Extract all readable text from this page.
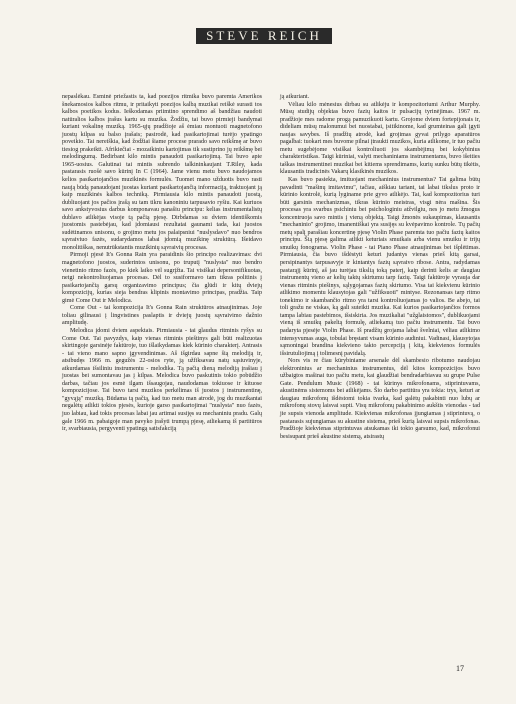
STEVE REICH

nepaslėkau. Esminė priežastis ta, kad poezijos ritmika buvo paremta Amerikos šnekamosios kalbos ritmu, ir pritaikyti poezijos kalbą muzikai reiškė surasti tos kalbos poetikos kodus. Ieškodamas priimtino sprendimo aš bandžiau naudoti natūralios kalbos įrašus kartu su muzika. Žodžiu, tai buvo pirmieji bandymai kuriant vokalinę muziką. 1965-ųjų pradžioje aš ėmiau montuoti magnetofono juostų kilpas su balso įrašais; pasirodė, kad pasikartojimai turėjo ypatingo poveikio. Tai nereiškia, kad žodžiai šiame procese prarado savo reikšmę ar buvo tiesiog prakeikti. Afrikiečiai - mozaikiniu kartojimas tik sustiprino jų reikšmę bei melodingumą. Bedirbant kilo mintis panaudoti pasikartojimą. Tai buvo apie 1965-uosius. Galutinai tai mintis subrendo talkininkaujant T.Riley, kada pastarasis ruošė savo kūrinį In C (1964). Jame vienu metu buvo naudojamos kelios pasikartojančios muzikinės formulės. Tuomet mano užduotis buvo rasti naują būdą panaudojant juostas kuriant pasikartojančią informaciją, traktuojant ją kaip muzikinės kalbos techniką. Pirmiausia kilo mintis panaudoti juostą, dubliuojant jos pačios įrašą su tam tikru kanoniniu tarpusavio ryšiu. Kai kuriuos savo ankstyvosius darbus komponavau panašiu principu: kelias instrumentalistų dublavo atlikėjas visoje tą pačią pjesę. Dirbdamas su dviem identiškomis juostomis pastebėjau, kad įdomiausi rezultatai gaunami tada, kai juostos sudėtinamos unisonu, o grojimo metu jos palaipsniui "nuslysdavo" nuo bendros sąvraiviuo fazės, sudarydamos labai įdomią muzikinę struktūrą. Išeidavo monolitiškas, nenutrūkstantis muzikinių sąvraivių procesas.

Pirmoji pjesė It's Gonna Rain yra paraidinis šio principo realizavimas: dvi magnetofono juostos, suderintos unisonu, po truputį "nuslysta" nuo bendro vienetinio ritmo fazės, po kiek laiko vėl sugrįžta. Tai visiškai depersonifikuotas, netgi nekontroliuojamas procesas. Dėl to susiformavo tam tikras politinis į pasikartojančią garsų organizavimo principus; čia glūdi ir kitų dviejų kompozicijų, kurias sieja bendras klipinis montavimo principas, pradžia. Taip gimė Come Out ir Melodica.

Come Out - tai kompozicija It's Gonna Rain struktūros atnaujinimas. Joje toliau gilinausi į lingvistines paslaptis ir dviejų juostų sąvraivimo dažnio amplitudę.

Melodica įdomi dviem aspektais. Pirmiausia - tai glaudus ritminis ryšys su Come Out. Tai pavyzdys, kaip vienas ritminis pieštinys gali būti realizuotas skirtingoje garsinėje faktūroje, tuo išlaikydamas kiek kūrinio charakterį. Antrasis - tai vieno mano sapno įgyvendinimas. Aš išgirdau sapne šią melodiją ir, atsibudęs 1966 m. gegužės 22-osios ryte, ją užfiksavau natų sąsiuvinyje, atkurdamas išsiliniu instrumentu - melodika. Tą pačią dieną melodiją įrašiau į juostas bei sumontavau jas į kilpas. Melodica buvo paskutinis tokio pobūdžio darbas, tačiau jos esmė ilgam išsaugojau, naudodamas tokiuose ir kituose kompozicijose. Tai buvo tarsi muzikos perkėlimas iš juostos į instrumentinę, "gyvąją" muziką. Būdama tą pačią, kad tuo metu man atrodė, jog du muzikantai negalėtų atlikti tokios pjesės, kurioje garso pasikartojimai "nuslysta" nuo fazės, juo labiau, kad tokis procesas labai jau artimai susijęs su mechaniniu pradu. Galų gale 1966 m. pabaigoje man pavyko įrašyti trumpą pjesę, atliekamą iš partitūros ir, svarbiausia, pergyventi ypatingą satisfakciją

ją atkuriant.

Vėliau kilo mėnesius dirbau su atlikėju ir kompozitoriumi Arthur Murphy. Mūsų studijų objektas buvo fazių kaitos ir pulsacijų tyrinėjimas. 1967 m. pradžioje mes radome progą pamuzikuoti kartu. Grojome dviem fortepijonais ir, dideliam mūsų malonumui bei nuostabai, įsitikinome, kad grumteinas gali įgyti naujas savybes. Iš pradžių atrodė, kad grojimas gyvai prilygo aparatūros pagalbai: tuokart mes buvome pilnai įtraukti muzikos, kuria atlikome, ir tuo pačiu metu sugebėjome visiškai kontroliuoti jos skambėjimą bei kokybinius charakteristikas. Taigi kūriniai, valyti mechaniniams instrumentams, buvo išeities taškas instrumentinei muzikai bei kitiems sprendimams, kurių sunku būtų tikėtis, klausantis tradicinės Vakarų klasikinės muzikos.

Kas buvo pasiekta, imituojant mechaninius instrumentus? Tai galima būtų pavadinti "mašinų imitavimu", tačiau, aiškiau tariant, tai labai tikslus proto ir kūrinio kontrolė, kurią lyginame prie gyvo atlikėjo. Tai, kad kompozitorius turi būti garsinis mechanizmas, tikras kūrinio meistras, visgi nėra mašina. Šis procesas yra svarbus psichiniu bei psichologiniu atžvilgiu, nes jo metu žmogus koncentruoja savo mintis į vieną objektą. Taigi žmonės sukaupimas, klausantis "mechaninio" grojimo, imanentiškai yra susijęs su kvėpavimo kontrole. Tų pačių metų spalį parašiau koncertinę pjesę Violin Phase paremta tuo pačiu fazių kaitos principu. Šią pjesę galima atlikti keturiais smuikais arba vienu smuiku ir trijų smuikų fonograma. Violin Phase - tai Piano Phase atnaujinimas bei išplėtimas. Pirmiausia, čia buvo išdėstyti keturi judantys vienas prieš kitą garsai, persipinantys tarpusavyje ir kintantys fazių sąvraivo ribose. Antra, radydamas pastarąjį kūrinį, aš jau turėjau tikslią toką paterį, kaip derinti kelis ar daugiau instrumentų vieno ar kelių taktų skirtumu tarp fazių. Taigi faktūroje vyrauja dar vienas ritminis piešinys, sąlygojamas fazių skirtumo. Visa tai kiekvienu kūrinio atlikimo momentu klausytojas gali "užfiksuoti" mintyse. Rezonansas tarp ritmo tonekimo ir skambančio ritmo yra tarsi kontroliuojamas jo valios. Be abejo, tai toli gražu ne viskas, ką gali suteikti muzika. Kai kurios pasikartojančios formos tampa labiau pastebimos, išsiskiria. Jos muzikaliai "užglaistomos", dublikuojami vieną iš smuikų pakeltą formulę, atliekamą tuo pačiu instrumentu. Tai buvo padaryta pjesėje Violin Phase. Iš pradžių grojama labai švelniai, vėliau atlikimo intensyvumas auga, tobulai bręstant visam kūrinio audiniui. Vadinasi, klausytojas sąmoningai brandina kiekvieno takto percepciją į kitą, kiekvienos formulės išsirutuliojimą į tolimesnį pavidalą.

Nors vis re čiau kūrybiniame arsenale dėl skambesio ribotumo naudojau elektroninius ar mechaninius instrumentus, dėl kitos kompozicijos buvo užbaigtos mašinai tuo pačiu metu, kai glaudžiai bendradarbiavau su grupe Pulse Gate. Pendulum Music (1968) - tai kūrinys mikrofonams, stiprintuvams, akustinėms sistemoms bei atlikėjams. Šio darbo partitūra yra tokia: trys, keturi ar daugiau mikrofonų išdėstomi tokia tvarka, kad galėtų pakabinti nuo lubų ar mikrofonų stovų laisvai supti. Visų mikrofonų pakabinimo aukštis vienodas - tad jie supsis vienoda amplitude. Kiekvienas mikrofonas įjungiamas į stiprintuvą, o pastarasis sujungiamas su akustine sistema, prieš kurią laisvai supsis mikrofonas. Pradžioje kiekvienas stiprintuvas atsukamas iki tokio garsumo, kad, mikrofonui besisupant prieš akustine sistemą, atsirastų

17
